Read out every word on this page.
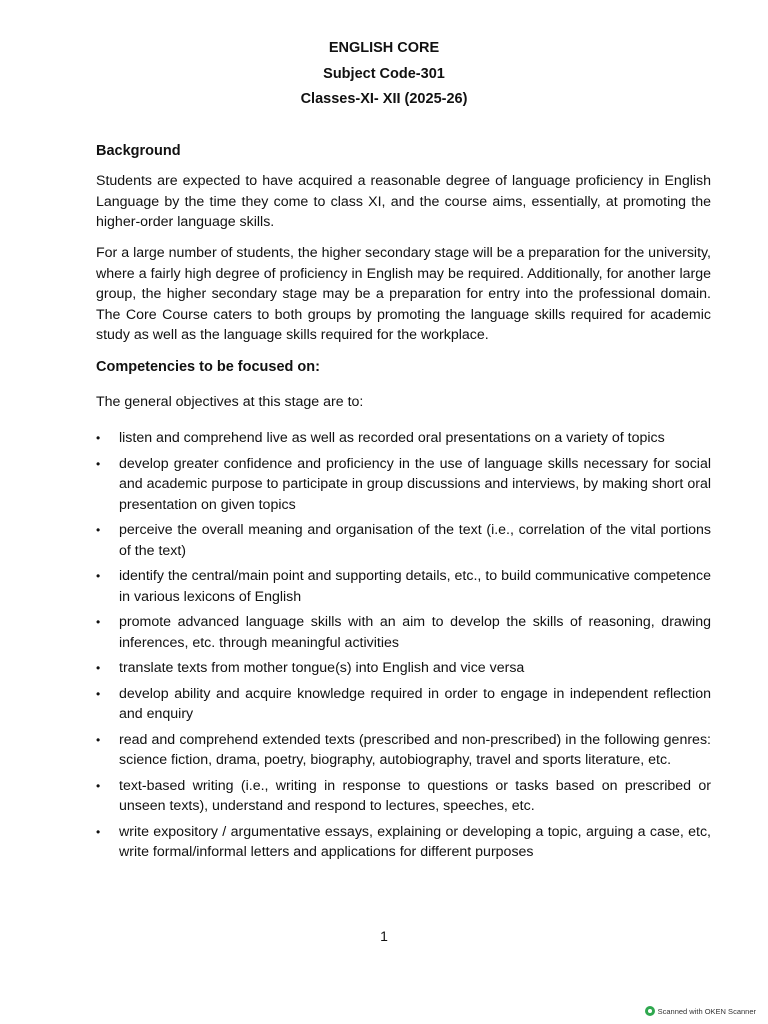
ENGLISH CORE
Subject Code-301
Classes-XI- XII (2025-26)
Background

Students are expected to have acquired a reasonable degree of language proficiency in English Language by the time they come to class XI, and the course aims, essentially, at promoting the higher-order language skills.

For a large number of students, the higher secondary stage will be a preparation for the university, where a fairly high degree of proficiency in English may be required. Additionally, for another large group, the higher secondary stage may be a preparation for entry into the professional domain. The Core Course caters to both groups by promoting the language skills required for academic study as well as the language skills required for the workplace.

Competencies to be focused on:

The general objectives at this stage are to:

• listen and comprehend live as well as recorded oral presentations on a variety of topics
• develop greater confidence and proficiency in the use of language skills necessary for social and academic purpose to participate in group discussions and interviews, by making short oral presentation on given topics
• perceive the overall meaning and organisation of the text (i.e., correlation of the vital portions of the text)
• identify the central/main point and supporting details, etc., to build communicative competence in various lexicons of English
• promote advanced language skills with an aim to develop the skills of reasoning, drawing inferences, etc. through meaningful activities
• translate texts from mother tongue(s) into English and vice versa
• develop ability and acquire knowledge required in order to engage in independent reflection and enquiry
• read and comprehend extended texts (prescribed and non-prescribed) in the following genres: science fiction, drama, poetry, biography, autobiography, travel and sports literature, etc.
• text-based writing (i.e., writing in response to questions or tasks based on prescribed or unseen texts), understand and respond to lectures, speeches, etc.
• write expository / argumentative essays, explaining or developing a topic, arguing a case, etc, write formal/informal letters and applications for different purposes
1
Scanned with OKEN Scanner
